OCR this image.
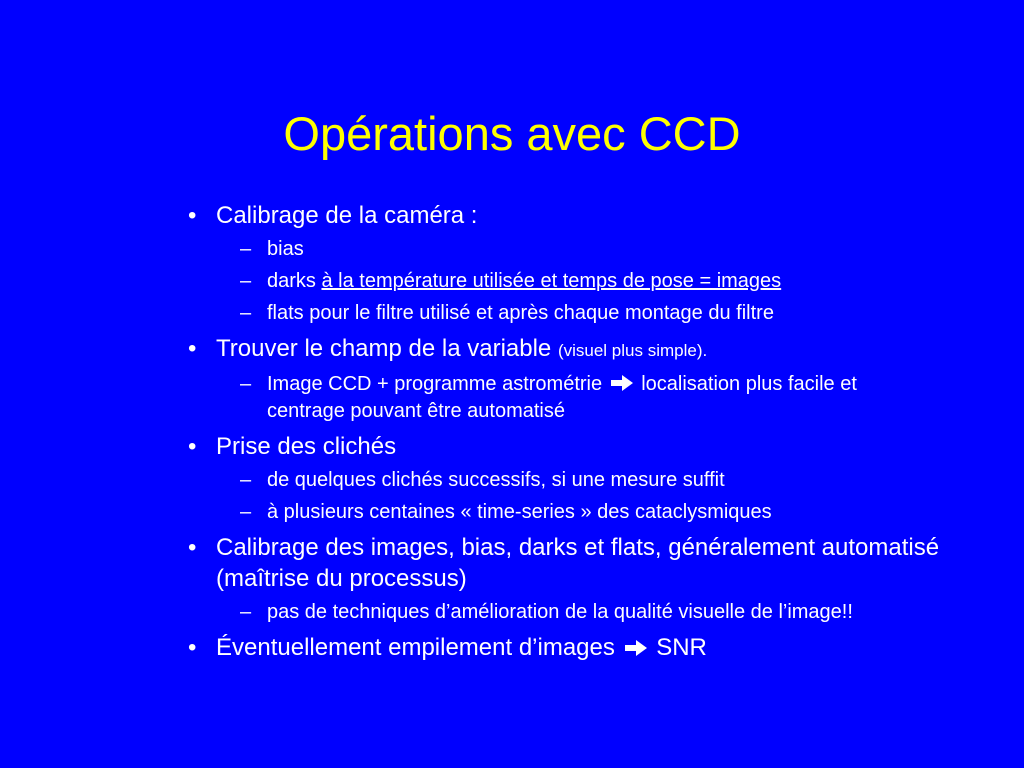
Opérations avec CCD
• Calibrage de la caméra :
– bias
– darks à la température utilisée et temps de pose = images
– flats pour le filtre utilisé et après chaque montage du filtre
• Trouver le champ de la variable (visuel plus simple).
– Image CCD + programme astrométrie
localisation plus facile et centrage pouvant être automatisé
• Prise des clichés
– de quelques clichés successifs, si une mesure suffit
– à plusieurs centaines « time-series » des cataclysmiques
• Calibrage des images, bias, darks et flats, généralement automatisé (maîtrise du processus)
– pas de techniques d’amélioration de la qualité visuelle de l’image!!
• Éventuellement empilement d’images
SNR
